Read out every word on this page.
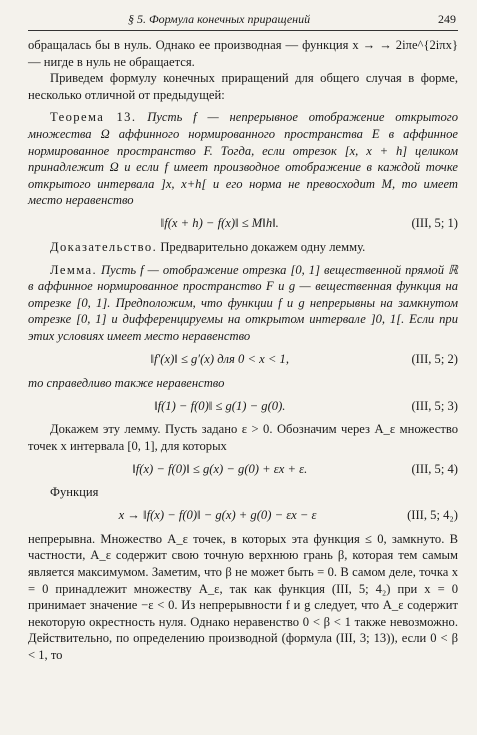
§ 5. Формула конечных приращений	249

обращалась бы в нуль. Однако ее производная — функция x → → 2iπe^{2iπx} — нигде в нуль не обращается.

Приведем формулу конечных приращений для общего случая в форме, несколько отличной от предыдущей:

Теорема 13. Пусть f — непрерывное отображение открытого множества Ω аффинного нормированного пространства E в аффинное нормированное пространство F. Тогда, если отрезок [x, x + h] целиком принадлежит Ω и если f имеет производное отображение в каждой точке открытого интервала ]x, x+h[ и его норма не превосходит M, то имеет место неравенство

‖f(x + h) − f(x)‖ ≤ M‖h‖.	(III, 5; 1)

Доказательство. Предварительно докажем одну лемму.

Лемма. Пусть f — отображение отрезка [0, 1] вещественной прямой ℝ в аффинное нормированное пространство F и g — вещественная функция на отрезке [0, 1]. Предположим, что функции f и g непрерывны на замкнутом отрезке [0, 1] и дифференцируемы на открытом интервале ]0, 1[. Если при этих условиях имеет место неравенство

‖f′(x)‖ ≤ g′(x) для 0 < x < 1,	(III, 5; 2)

то справедливо также неравенство

‖f(1) − f(0)‖ ≤ g(1) − g(0).	(III, 5; 3)

Докажем эту лемму. Пусть задано ε > 0. Обозначим через A_ε множество точек x интервала [0, 1], для которых

‖f(x) − f(0)‖ ≤ g(x) − g(0) + εx + ε.	(III, 5; 4)

Функция

x → ‖f(x) − f(0)‖ − g(x) + g(0) − εx − ε	(III, 5; 4₂)

непрерывна. Множество A_ε точек, в которых эта функция ≤ 0, замкнуто. В частности, A_ε содержит свою точную верхнюю грань β, которая тем самым является максимумом. Заметим, что β не может быть = 0. В самом деле, точка x = 0 принадлежит множеству A_ε, так как функция (III, 5; 4₂) при x = 0 принимает значение −ε < 0. Из непрерывности f и g следует, что A_ε содержит некоторую окрестность нуля. Однако неравенство 0 < β < 1 также невозможно. Действительно, по определению производной (формула (III, 3; 13)), если 0 < β < 1, то
